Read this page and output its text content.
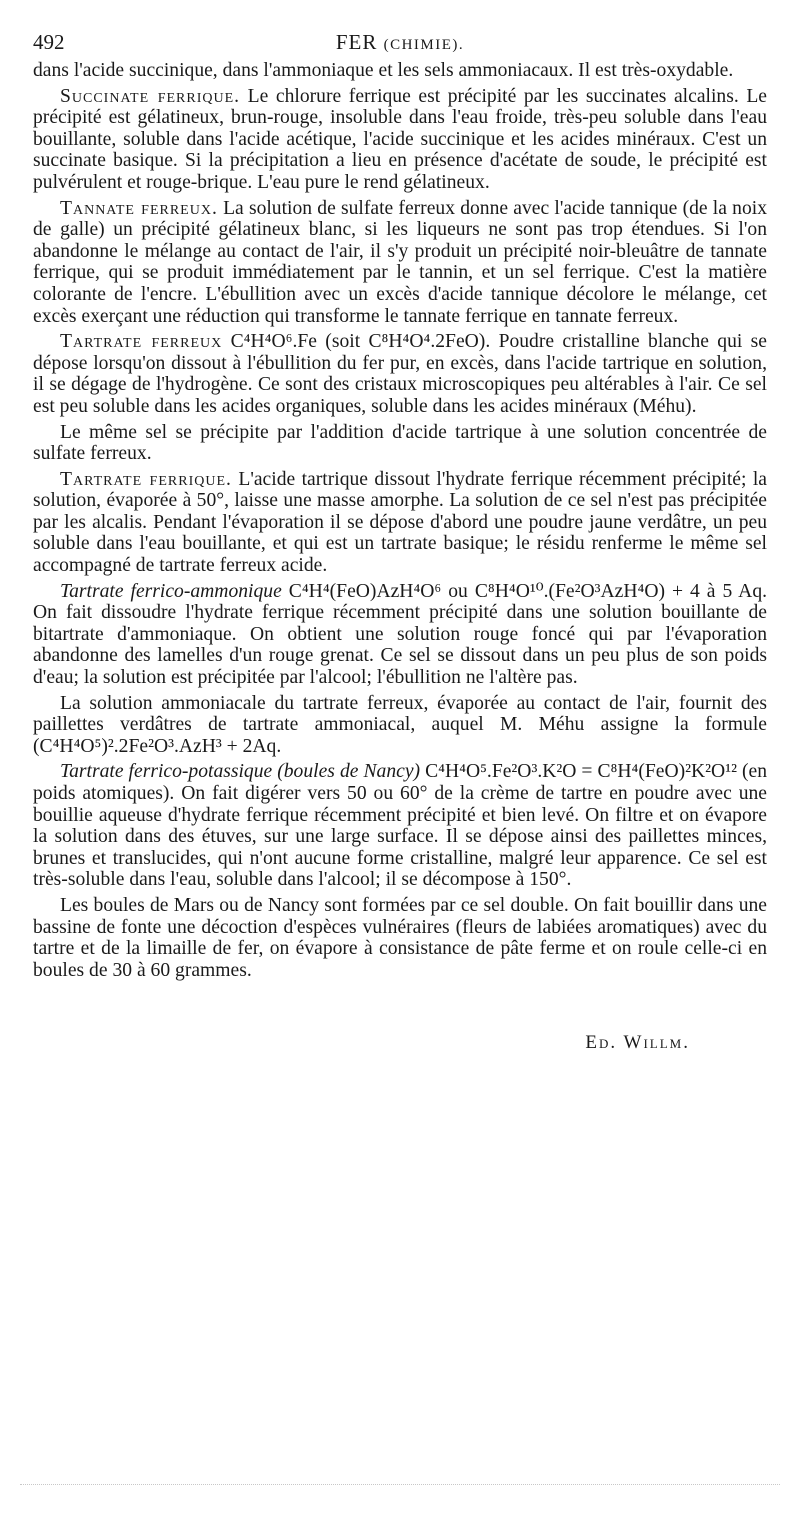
492	FER (CHIMIE).

dans l'acide succinique, dans l'ammoniaque et les sels ammoniacaux. Il est très-oxydable.

Succinate ferrique. Le chlorure ferrique est précipité par les succinates alcalins. Le précipité est gélatineux, brun-rouge, insoluble dans l'eau froide, très-peu soluble dans l'eau bouillante, soluble dans l'acide acétique, l'acide succinique et les acides minéraux. C'est un succinate basique. Si la précipitation a lieu en présence d'acétate de soude, le précipité est pulvérulent et rouge-brique. L'eau pure le rend gélatineux.

Tannate ferreux. La solution de sulfate ferreux donne avec l'acide tannique (de la noix de galle) un précipité gélatineux blanc, si les liqueurs ne sont pas trop étendues. Si l'on abandonne le mélange au contact de l'air, il s'y produit un précipité noir-bleuâtre de tannate ferrique, qui se produit immédiatement par le tannin, et un sel ferrique. C'est la matière colorante de l'encre. L'ébullition avec un excès d'acide tannique décolore le mélange, cet excès exerçant une réduction qui transforme le tannate ferrique en tannate ferreux.

Tartrate ferreux C⁴H⁴O⁶.Fe (soit C⁸H⁴O⁴.2FeO). Poudre cristalline blanche qui se dépose lorsqu'on dissout à l'ébullition du fer pur, en excès, dans l'acide tartrique en solution, il se dégage de l'hydrogène. Ce sont des cristaux microscopiques peu altérables à l'air. Ce sel est peu soluble dans les acides organiques, soluble dans les acides minéraux (Méhu).

Le même sel se précipite par l'addition d'acide tartrique à une solution concentrée de sulfate ferreux.

Tartrate ferrique. L'acide tartrique dissout l'hydrate ferrique récemment précipité; la solution, évaporée à 50°, laisse une masse amorphe. La solution de ce sel n'est pas précipitée par les alcalis. Pendant l'évaporation il se dépose d'abord une poudre jaune verdâtre, un peu soluble dans l'eau bouillante, et qui est un tartrate basique; le résidu renferme le même sel accompagné de tartrate ferreux acide.

Tartrate ferrico-ammonique C⁴H⁴(FeO)AzH⁴O⁶ ou C⁸H⁴O¹⁰.(Fe²O³AzH⁴O) + 4 à 5 Aq. On fait dissoudre l'hydrate ferrique récemment précipité dans une solution bouillante de bitartrate d'ammoniaque. On obtient une solution rouge foncé qui par l'évaporation abandonne des lamelles d'un rouge grenat. Ce sel se dissout dans un peu plus de son poids d'eau; la solution est précipitée par l'alcool; l'ébullition ne l'altère pas.

La solution ammoniacale du tartrate ferreux, évaporée au contact de l'air, fournit des paillettes verdâtres de tartrate ammoniacal, auquel M. Méhu assigne la formule (C⁴H⁴O⁵)².2Fe²O³.AzH³ + 2Aq.

Tartrate ferrico-potassique (boules de Nancy) C⁴H⁴O⁵.Fe²O³.K²O = C⁸H⁴(FeO)²K²O¹² (en poids atomiques). On fait digérer vers 50 ou 60° de la crème de tartre en poudre avec une bouillie aqueuse d'hydrate ferrique récemment précipité et bien levé. On filtre et on évapore la solution dans des étuves, sur une large surface. Il se dépose ainsi des paillettes minces, brunes et translucides, qui n'ont aucune forme cristalline, malgré leur apparence. Ce sel est très-soluble dans l'eau, soluble dans l'alcool; il se décompose à 150°.

Les boules de Mars ou de Nancy sont formées par ce sel double. On fait bouillir dans une bassine de fonte une décoction d'espèces vulnéraires (fleurs de labiées aromatiques) avec du tartre et de la limaille de fer, on évapore à consistance de pâte ferme et on roule celle-ci en boules de 30 à 60 grammes.

Ed. Willm.
